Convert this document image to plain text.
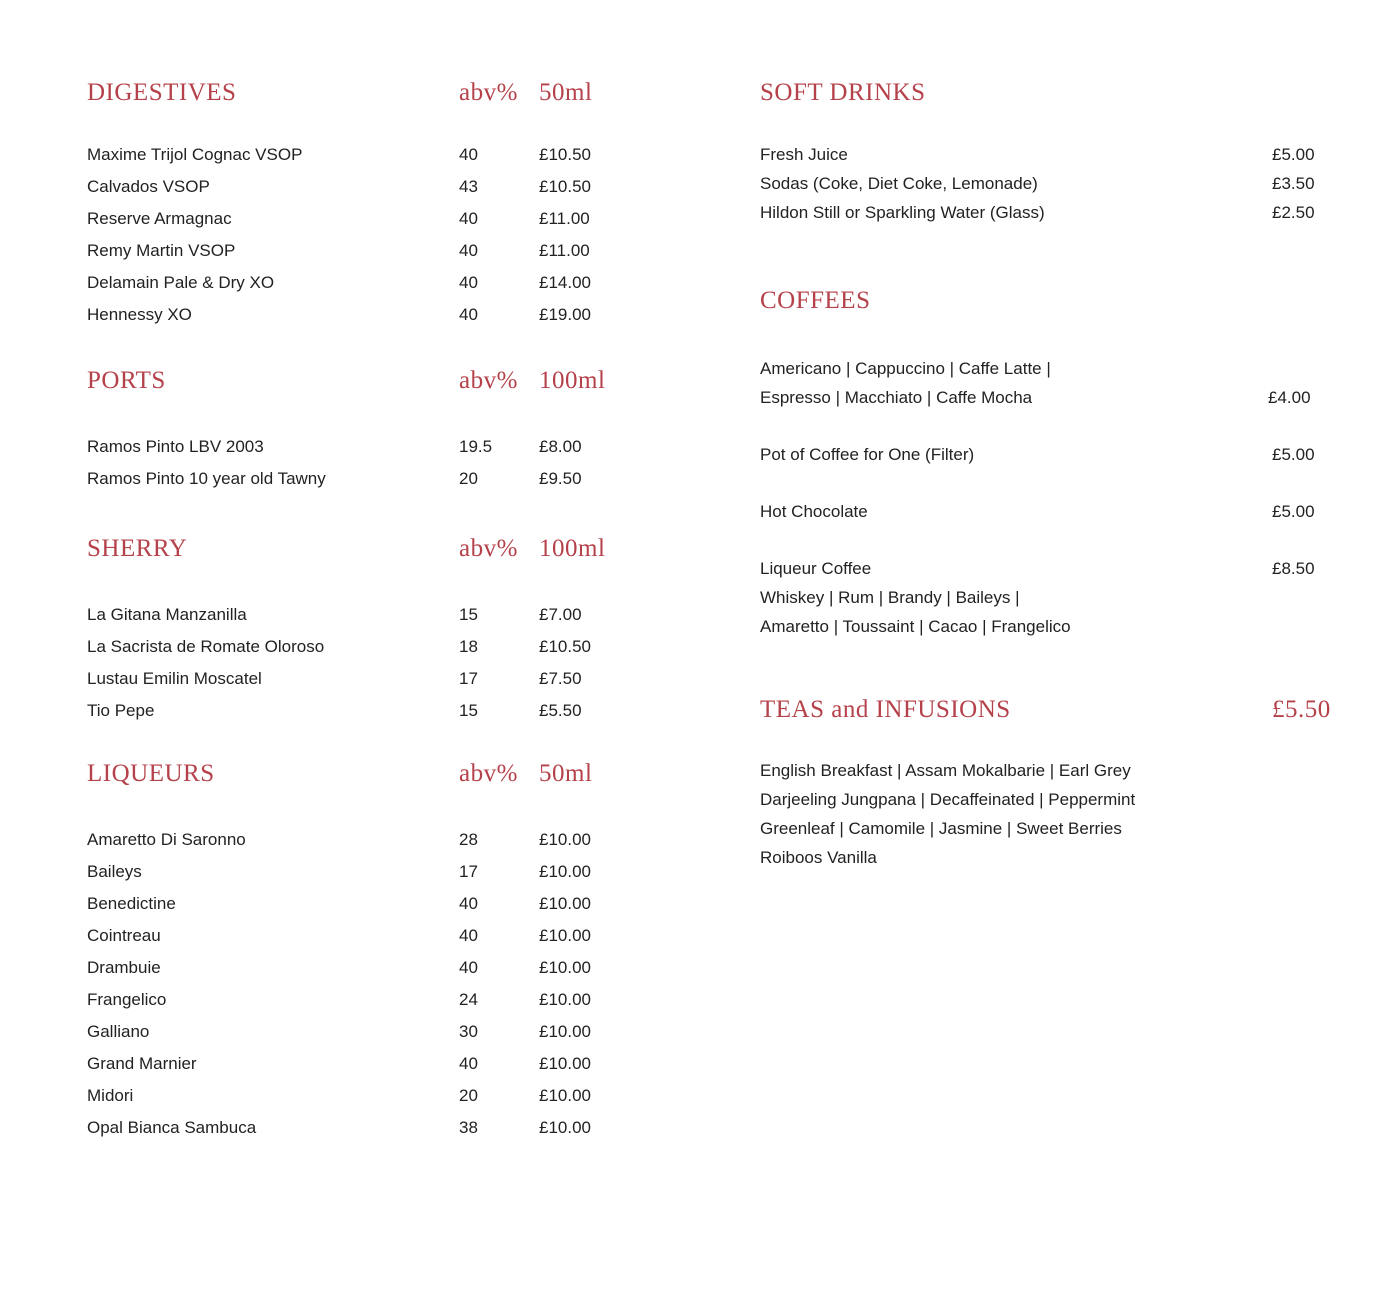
DIGESTIVES	abv% 50ml
Maxime Trijol Cognac VSOP	40	£10.50
Calvados VSOP	43	£10.50
Reserve Armagnac	40	£11.00
Remy Martin VSOP	40	£11.00
Delamain Pale & Dry XO	40	£14.00
Hennessy XO	40	£19.00
PORTS	abv% 100ml
Ramos Pinto LBV 2003	19.5	£8.00
Ramos Pinto 10 year old Tawny	20	£9.50
SHERRY	abv% 100ml
La Gitana Manzanilla	15	£7.00
La Sacrista de Romate Oloroso	18	£10.50
Lustau Emilin Moscatel	17	£7.50
Tio Pepe	15	£5.50
LIQUEURS	abv% 50ml
Amaretto Di Saronno	28	£10.00
Baileys	17	£10.00
Benedictine	40	£10.00
Cointreau	40	£10.00
Drambuie	40	£10.00
Frangelico	24	£10.00
Galliano	30	£10.00
Grand Marnier	40	£10.00
Midori	20	£10.00
Opal Bianca Sambuca	38	£10.00
SOFT DRINKS
Fresh Juice	£5.00
Sodas (Coke, Diet Coke, Lemonade)	£3.50
Hildon Still or Sparkling Water (Glass)	£2.50
COFFEES
Americano | Cappuccino | Caffe Latte |
Espresso | Macchiato | Caffe Mocha	£4.00
Pot of Coffee for One (Filter)	£5.00
Hot Chocolate	£5.00
Liqueur Coffee	£8.50
Whiskey | Rum | Brandy | Baileys |
Amaretto | Toussaint | Cacao | Frangelico
TEAS and INFUSIONS	£5.50
English Breakfast | Assam Mokalbarie | Earl Grey
Darjeeling Jungpana | Decaffeinated | Peppermint
Greenleaf | Camomile | Jasmine | Sweet Berries
Roiboos Vanilla
